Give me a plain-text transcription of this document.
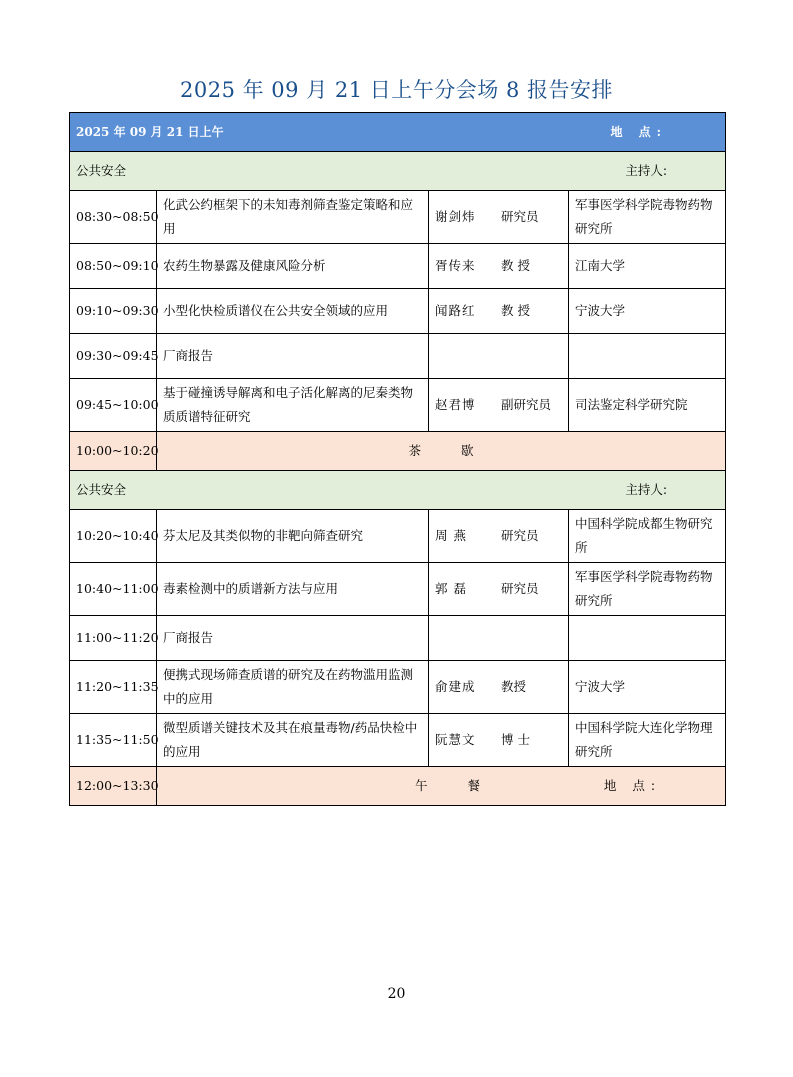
2025 年 09 月 21 日上午分会场 8 报告安排
2025 年 09 月 21 日上午 地 点:			

公共安全 主持人:			

08:30~08:50	化武公约框架下的未知毒剂筛查鉴定策略和应用	谢剑炜 研究员	军事医学科学院毒物药物研究所
08:50~09:10	农药生物暴露及健康风险分析	胥传来 教 授	江南大学
09:10~09:30	小型化快检质谱仪在公共安全领域的应用	闻路红 教 授	宁波大学
09:30~09:45	厂商报告	

09:45~10:00	基于碰撞诱导解离和电子活化解离的尼秦类物质质谱特征研究	赵君博 副研究员	司法鉴定科学研究院
10:00~10:20	茶 歇		

公共安全 主持人:			

10:20~10:40	芬太尼及其类似物的非靶向筛查研究	周 燕 研究员	中国科学院成都生物研究所
10:40~11:00	毒素检测中的质谱新方法与应用	郭 磊 研究员	军事医学科学院毒物药物研究所
11:00~11:20	厂商报告	

11:20~11:35	便携式现场筛查质谱的研究及在药物滥用监测中的应用	俞建成 教授	宁波大学
11:35~11:50	微型质谱关键技术及其在痕量毒物/药品快检中的应用	阮慧文 博 士	中国科学院大连化学物理研究所
12:00~13:30	午 餐 地 点:		
20
